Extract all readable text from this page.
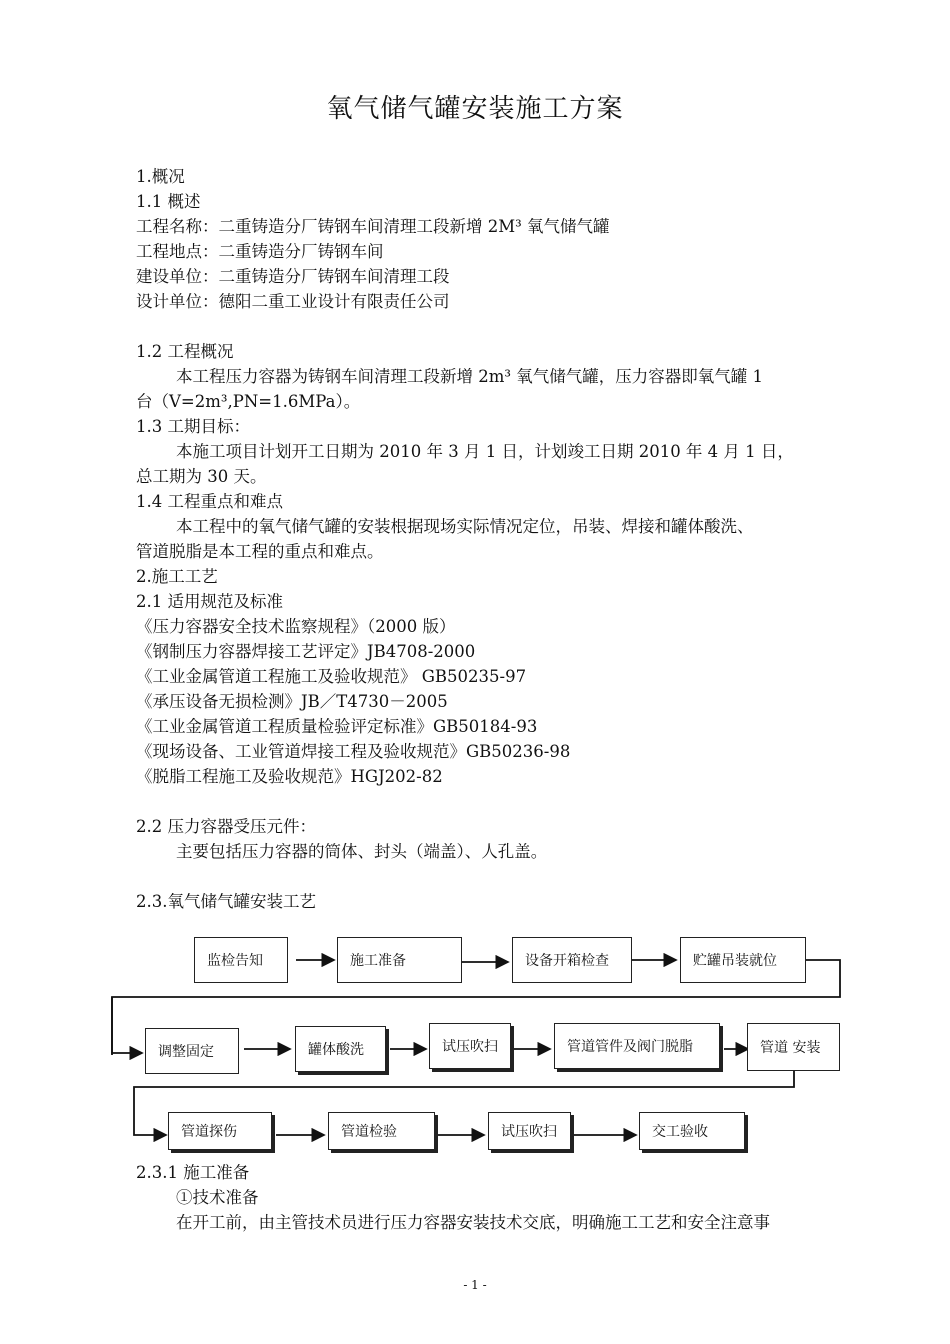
氧气储气罐安装施工方案
1.概况
1.1 概述
工程名称：二重铸造分厂铸钢车间清理工段新增 2M³ 氧气储气罐
工程地点：二重铸造分厂铸钢车间
建设单位：二重铸造分厂铸钢车间清理工段
设计单位：德阳二重工业设计有限责任公司
1.2 工程概况
本工程压力容器为铸钢车间清理工段新增 2m³ 氧气储气罐，压力容器即氧气罐 1
台（V=2m³,PN=1.6MPa）。
1.3 工期目标：
本施工项目计划开工日期为 2010 年 3 月 1 日，计划竣工日期 2010 年 4 月 1 日，
总工期为 30 天。
1.4 工程重点和难点
本工程中的氧气储气罐的安装根据现场实际情况定位，吊装、焊接和罐体酸洗、
管道脱脂是本工程的重点和难点。
2.施工工艺
2.1 适用规范及标准
《压力容器安全技术监察规程》（2000 版）
《钢制压力容器焊接工艺评定》JB4708-2000
《工业金属管道工程施工及验收规范》 GB50235-97
《承压设备无损检测》JB／T4730－2005
《工业金属管道工程质量检验评定标准》GB50184-93
《现场设备、工业管道焊接工程及验收规范》GB50236-98
《脱脂工程施工及验收规范》HGJ202-82
2.2 压力容器受压元件：
主要包括压力容器的筒体、封头（端盖）、人孔盖。
2.3.氧气储气罐安装工艺
监检告知	施工准备	设备开箱检查	贮罐吊装就位
调整固定	罐体酸洗	试压吹扫	管道管件及阀门脱脂	管道 安装
管道探伤	管道检验	试压吹扫	交工验收
2.3.1 施工准备
①技术准备
在开工前，由主管技术员进行压力容器安装技术交底，明确施工工艺和安全注意事
- 1 -
